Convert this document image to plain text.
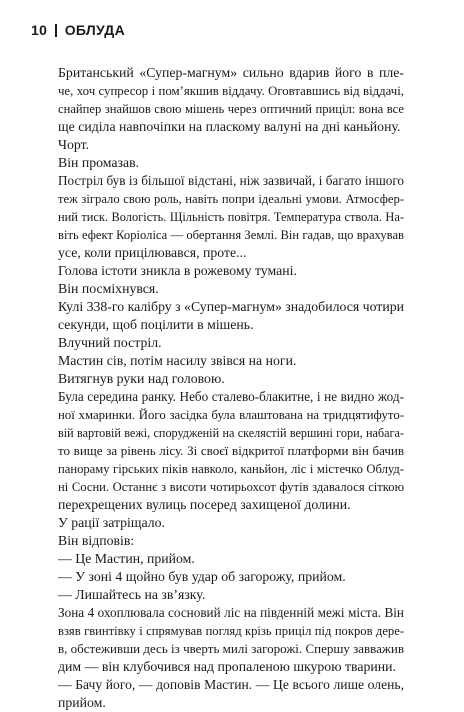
10 ОБЛУДА

Британський «Супер-магнум» сильно вдарив його в пле-

че, хоч супресор і пом’якшив віддачу. Оговтавшись від віддачі,

снайпер знайшов свою мішень через оптичний приціл: вона все

ще сиділа навпочіпки на пласкому валуні на дні каньйону.

Чорт.

Він промазав.

Постріл був із більшої відстані, ніж зазвичай, і багато іншого

теж зіграло свою роль, навіть попри ідеальні умови. Атмосфер-

ний тиск. Вологість. Щільність повітря. Температура ствола. На-

віть ефект Коріоліса — обертання Землі. Він гадав, що врахував

усе, коли прицілювався, проте...

Голова істоти зникла в рожевому тумані.

Він посміхнувся.

Кулі 338-го калібру з «Супер-магнум» знадобилося чотири

секунди, щоб поцілити в мішень.

Влучний постріл.

Мастин сів, потім насилу звівся на ноги.

Витягнув руки над головою.

Була середина ранку. Небо сталево-блакитне, і не видно жод-

ної хмаринки. Його засідка була влаштована на тридцятифуто-

вій вартовій вежі, спорудженій на скелястій вершині гори, набага-

то вище за рівень лісу. Зі своєї відкритої платформи він бачив

панораму гірських піків навколо, каньйон, ліс і містечко Облуд-

ні Сосни. Останнє з висоти чотирьохсот футів здавалося сіткою

перехрещених вулиць посеред захищеної долини.

У рації затріщало.

Він відповів:

— Це Мастин, прийом.

— У зоні 4 щойно був удар об загорожу, прийом.

— Лишайтесь на зв’язку.

Зона 4 охоплювала сосновий ліс на південній межі міста. Він

взяв гвинтівку і спрямував погляд крізь приціл під покров дере-

в, обстеживши десь із чверть милі загорожі. Спершу завважив

дим — він клубочився над пропаленою шкурою тварини.

— Бачу його, — доповів Мастин. — Це всього лише олень,

прийом.
